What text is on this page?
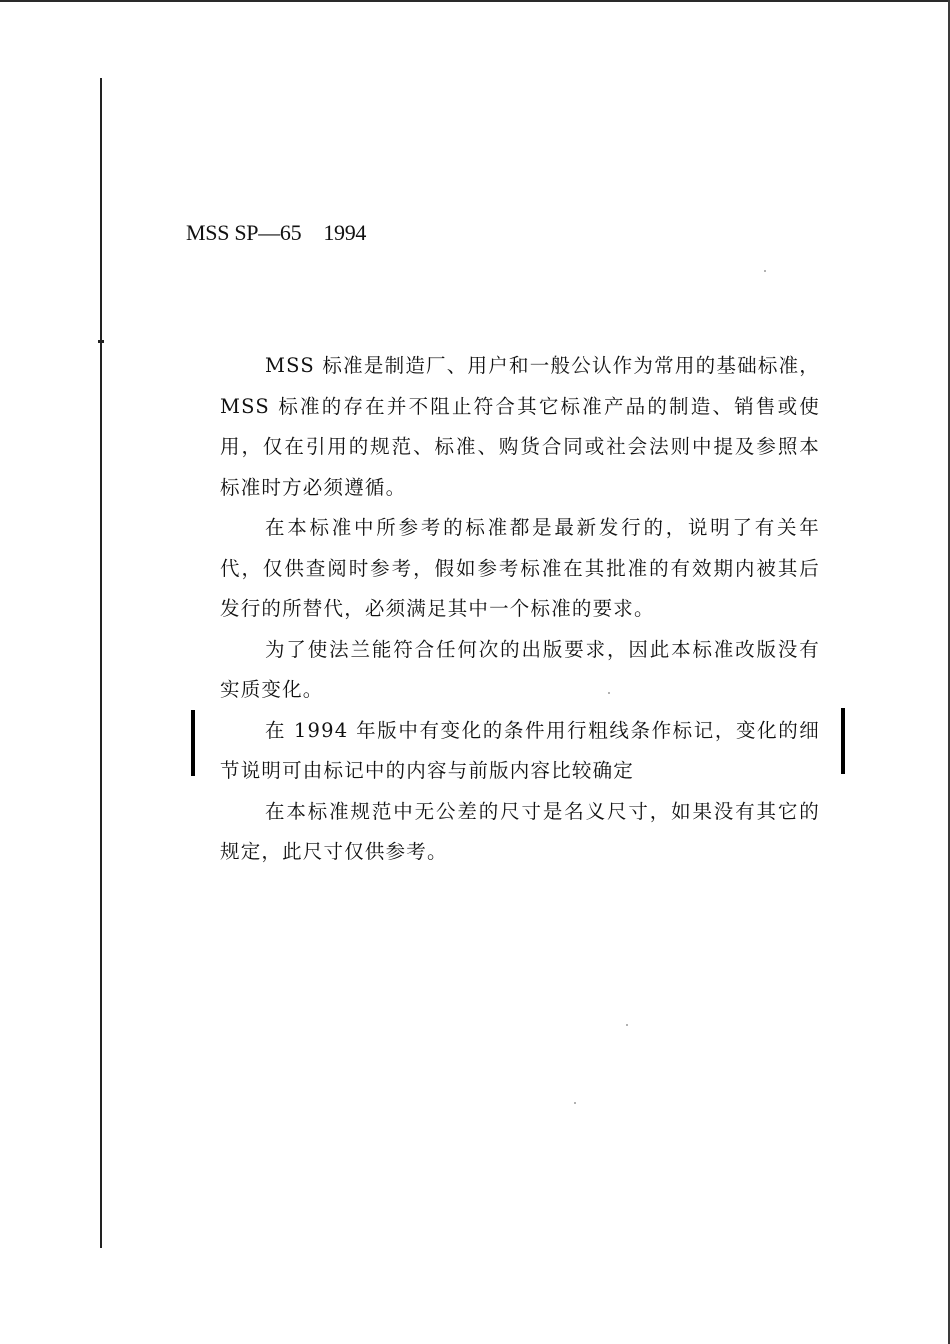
MSS SP—65 1994

MSS 标准是制造厂、用户和一般公认作为常用的基础标准，MSS 标准的存在并不阻止符合其它标准产品的制造、销售或使用，仅在引用的规范、标准、购货合同或社会法则中提及参照本标准时方必须遵循。

在本标准中所参考的标准都是最新发行的，说明了有关年代，仅供查阅时参考，假如参考标准在其批准的有效期内被其后发行的所替代，必须满足其中一个标准的要求。

为了使法兰能符合任何次的出版要求，因此本标准改版没有实质变化。

在 1994 年版中有变化的条件用行粗线条作标记，变化的细节说明可由标记中的内容与前版内容比较确定

在本标准规范中无公差的尺寸是名义尺寸，如果没有其它的规定，此尺寸仅供参考。
